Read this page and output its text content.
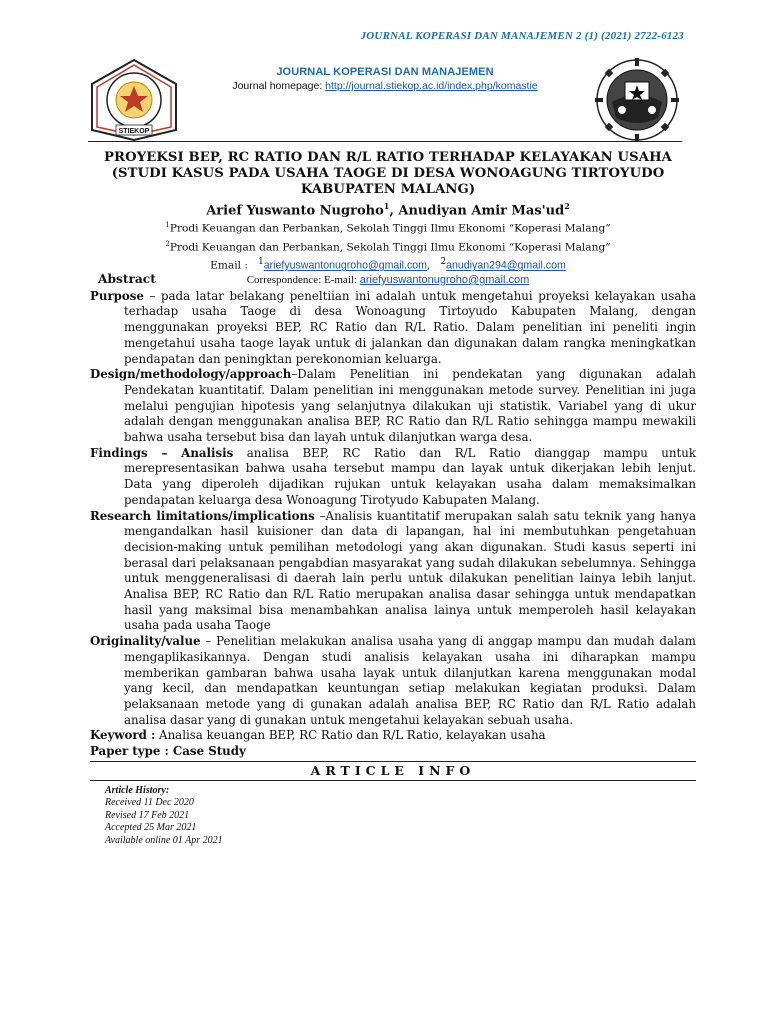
JOURNAL KOPERASI DAN MANAJEMEN 2 (1) (2021) 2722-6123
STIEKOP
JOURNAL KOPERASI DAN MANAJEMEN
Journal homepage: http://journal.stiekop.ac.id/index.php/komastie
PROYEKSI BEP, RC RATIO DAN R/L RATIO TERHADAP KELAYAKAN USAHA
(STUDI KASUS PADA USAHA TAOGE DI DESA WONOAGUNG TIRTOYUDO
KABUPATEN MALANG)
Arief Yuswanto Nugroho$^1$, Anudiyan Amir $Mas'ud^2$
$^1$Prodi Keuangan dan Perbankan, Sekolah Tinggi Ilmu Ekonomi “Koperasi Malang”
$^2$Prodi Keuangan dan Perbankan, Sekolah Tinggi Ilmu Ekonomi “Koperasi Malang”
Email : $^1$ariefyuswantonugroho@gmail.com, $^2$anudiyan294@gmail.com
Correspondence: E-mail: ariefyuswantonugroho@gmail.com
Abstract

Purpose – pada latar belakang peneltiian ini adalah untuk mengetahui proyeksi kelayakan usaha terhadap usaha Taoge di desa Wonoagung Tirtoyudo Kabupaten Malang, dengan menggunakan proyeksi BEP, RC Ratio dan R/L Ratio. Dalam penelitian ini peneliti ingin mengetahui usaha taoge layak untuk di jalankan dan digunakan dalam rangka meningkatkan pendapatan dan peningktan perekonomian keluarga.

Design/methodology/approach–Dalam Penelitian ini pendekatan yang digunakan adalah Pendekatan kuantitatif. Dalam penelitian ini menggunakan metode survey. Penelitian ini juga melalui pengujian hipotesis yang selanjutnya dilakukan uji statistik. Variabel yang di ukur adalah dengan menggunakan analisa BEP, RC Ratio dan R/L Ratio sehingga mampu mewakili bahwa usaha tersebut bisa dan layah untuk dilanjutkan warga desa.

Findings – Analisis analisa BEP, RC Ratio dan R/L Ratio dianggap mampu untuk merepresentasikan bahwa usaha tersebut mampu dan layak untuk dikerjakan lebih lenjut. Data yang diperoleh dijadikan rujukan untuk kelayakan usaha dalam memaksimalkan pendapatan keluarga desa Wonoagung Tirotyudo Kabupaten Malang.

Research limitations/implications –Analisis kuantitatif merupakan salah satu teknik yang hanya mengandalkan hasil kuisioner dan data di lapangan, hal ini membutuhkan pengetahuan decision-making untuk pemilihan metodologi yang akan digunakan. Studi kasus seperti ini berasal dari pelaksanaan pengabdian masyarakat yang sudah dilakukan sebelumnya. Sehingga untuk menggeneralisasi di daerah lain perlu untuk dilakukan penelitian lainya lebih lanjut. Analisa BEP, RC Ratio dan R/L Ratio merupakan analisa dasar sehingga untuk mendapatkan hasil yang maksimal bisa menambahkan analisa lainya untuk memperoleh hasil kelayakan usaha pada usaha Taoge

Originality/value – Penelitian melakukan analisa usaha yang di anggap mampu dan mudah dalam mengaplikasikannya. Dengan studi analisis kelayakan usaha ini diharapkan mampu memberikan gambaran bahwa usaha layak untuk dilanjutkan karena menggunakan modal yang kecil, dan mendapatkan keuntungan setiap melakukan kegiatan produksi. Dalam pelaksanaan metode yang di gunakan adalah analisa BEP, RC Ratio dan R/L Ratio adalah analisa dasar yang di gunakan untuk mengetahui kelayakan sebuah usaha.

Keyword : Analisa keuangan BEP, RC Ratio dan R/L Ratio, kelayakan usaha

Paper type : Case Study

ARTICLE INFO
Article History:
Received 11 Dec 2020
Revised 17 Feb 2021
Accepted 25 Mar 2021
Available online 01 Apr 2021
